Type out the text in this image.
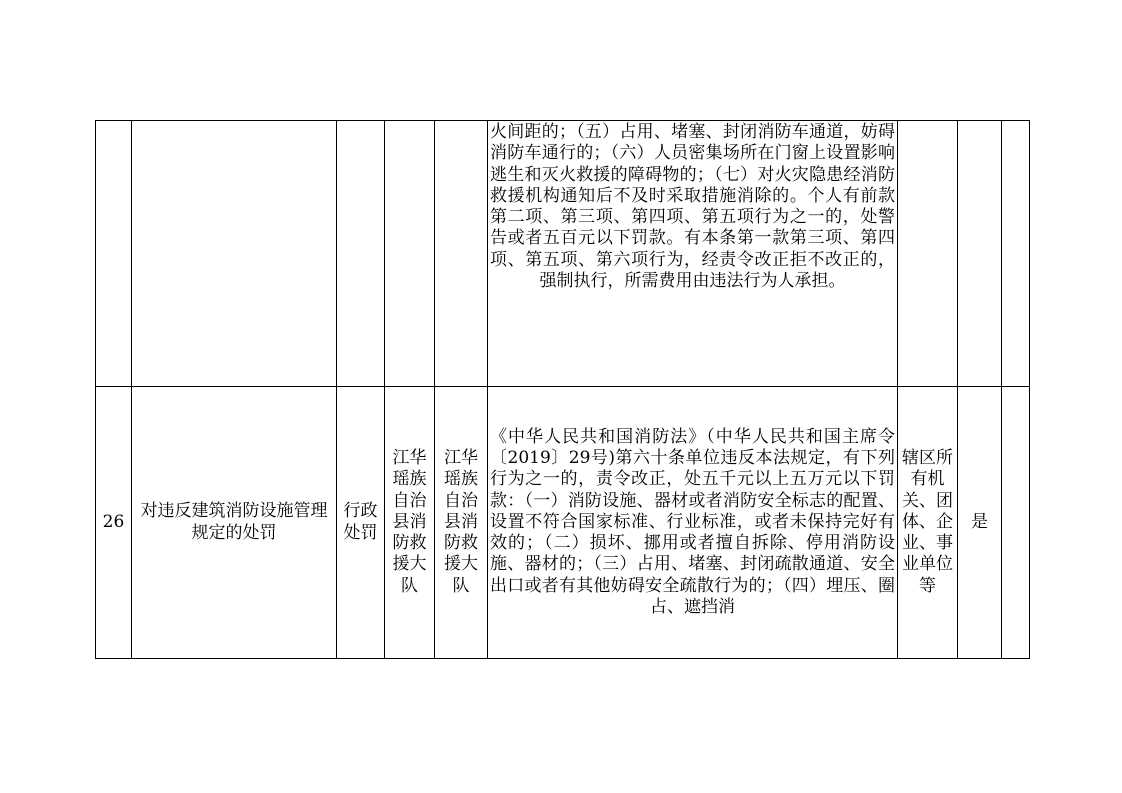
					火间距的；（五）占用、堵塞、封闭消防车通道，妨碍消防车通行的；（六）人员密集场所在门窗上设置影响逃生和灭火救援的障碍物的；（七）对火灾隐患经消防救援机构通知后不及时采取措施消除的。个人有前款第二项、第三项、第四项、第五项行为之一的，处警告或者五百元以下罚款。有本条第一款第三项、第四项、第五项、第六项行为，经责令改正拒不改正的，强制执行，所需费用由违法行为人承担。			
26	对违反建筑消防设施管理规定的处罚	行政处罚	江华瑶族自治县消防救援大队	江华瑶族自治县消防救援大队	《中华人民共和国消防法》（中华人民共和国主席令〔2019〕29号)第六十条单位违反本法规定，有下列行为之一的，责令改正，处五千元以上五万元以下罚款：（一）消防设施、器材或者消防安全标志的配置、设置不符合国家标准、行业标准，或者未保持完好有效的；（二）损坏、挪用或者擅自拆除、停用消防设施、器材的；（三）占用、堵塞、封闭疏散通道、安全出口或者有其他妨碍安全疏散行为的；（四）埋压、圈占、遮挡消	辖区所有机关、团体、企业、事业单位等	是	
